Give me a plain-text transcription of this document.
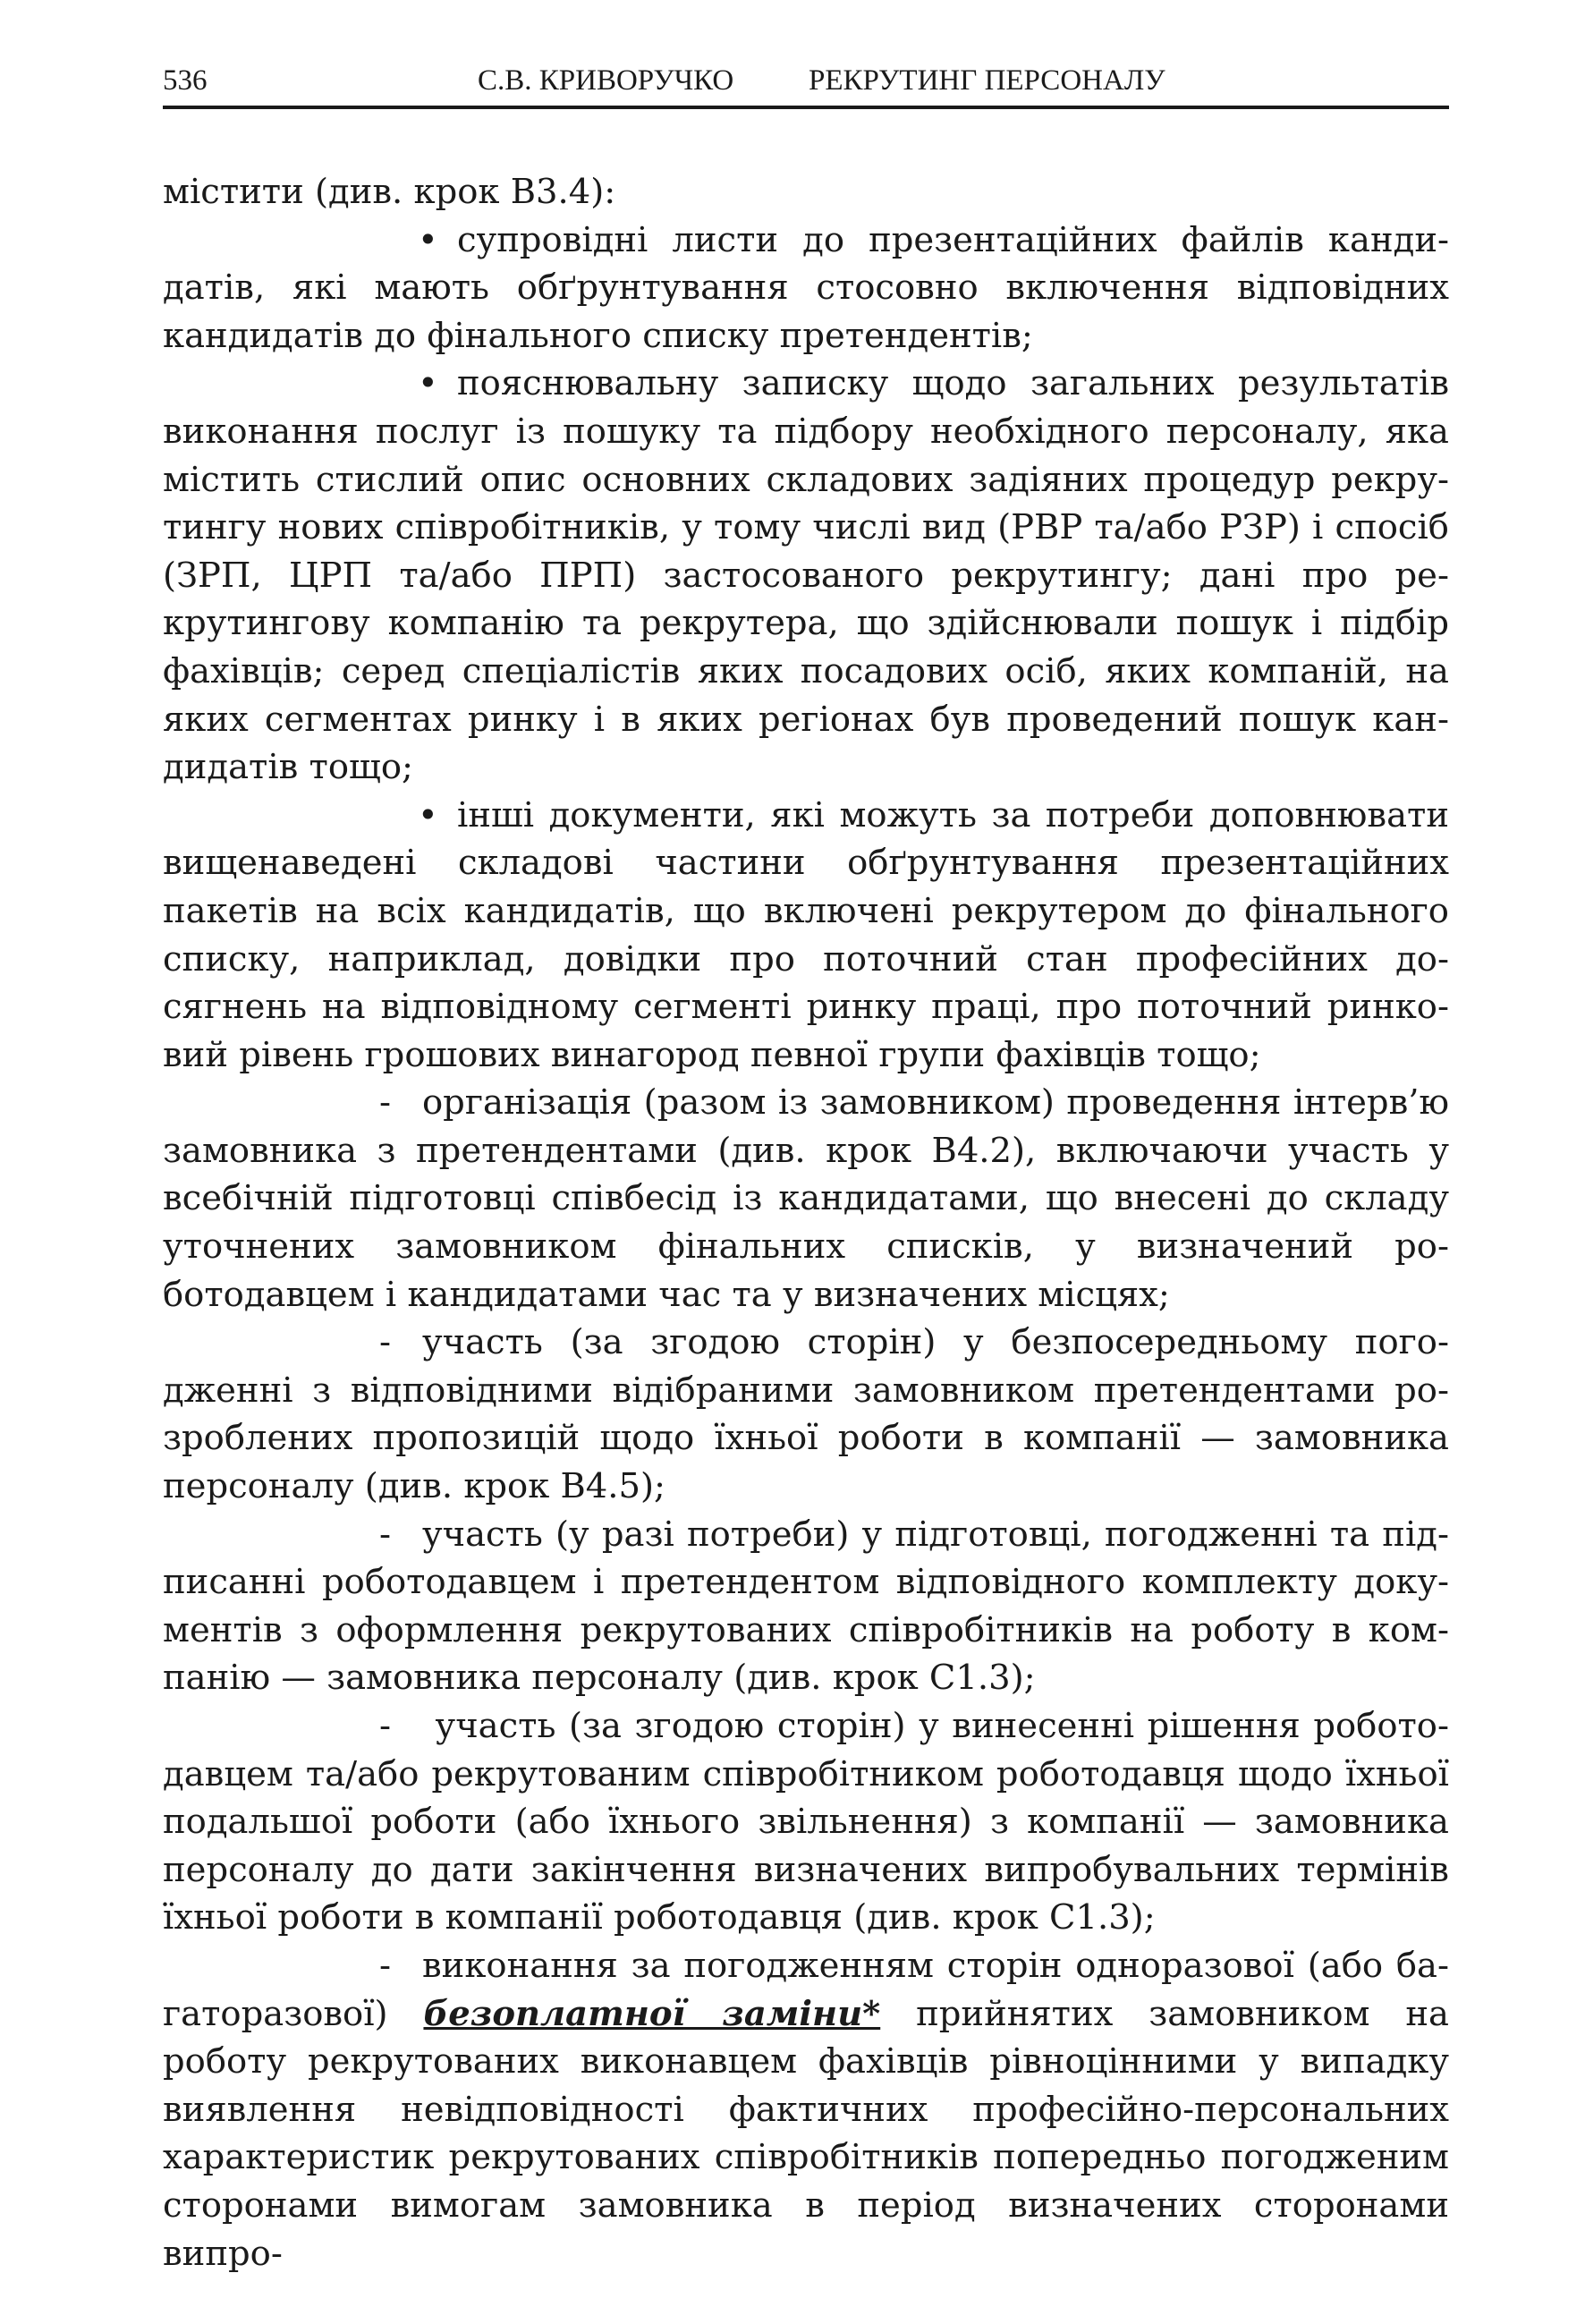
536	С.В. КРИВОРУЧКО	РЕКРУТИНГ ПЕРСОНАЛУ

містити (див. крок В3.4):

• супровідні листи до презентаційних файлів кандидатів, які мають обґрунтування стосовно включення відповідних кандидатів до фінального списку претендентів;

• пояснювальну записку щодо загальних результатів виконання послуг із пошуку та підбору необхідного персоналу, яка містить стислий опис основних складових задіяних процедур рекрутингу нових співробітників, у тому числі вид (РВР та/або РЗР) і спосіб (ЗРП, ЦРП та/або ПРП) застосованого рекрутингу; дані про рекрутингову компанію та рекрутера, що здійснювали пошук і підбір фахівців; серед спеціалістів яких посадових осіб, яких компаній, на яких сегментах ринку і в яких регіонах був проведений пошук кандидатів тощо;

• інші документи, які можуть за потреби доповнювати вищенаведені складові частини обґрунтування презентаційних пакетів на всіх кандидатів, що включені рекрутером до фінального списку, наприклад, довідки про поточний стан професійних досягнень на відповідному сегменті ринку праці, про поточний ринковий рівень грошових винагород певної групи фахівців тощо;

- організація (разом із замовником) проведення інтерв’ю замовника з претендентами (див. крок В4.2), включаючи участь у всебічній підготовці співбесід із кандидатами, що внесені до складу уточнених замовником фінальних списків, у визначений роботодавцем і кандидатами час та у визначених місцях;

- участь (за згодою сторін) у безпосередньому погодженні з відповідними відібраними замовником претендентами розроблених пропозицій щодо їхньої роботи в компанії — замовника персоналу (див. крок В4.5);

- участь (у разі потреби) у підготовці, погодженні та підписанні роботодавцем і претендентом відповідного комплекту документів з оформлення рекрутованих співробітників на роботу в компанію — замовника персоналу (див. крок С1.3);

- участь (за згодою сторін) у винесенні рішення роботодавцем та/або рекрутованим співробітником роботодавця щодо їхньої подальшої роботи (або їхнього звільнення) з компанії — замовника персоналу до дати закінчення визначених випробувальних термінів їхньої роботи в компанії роботодавця (див. крок С1.3);

- виконання за погодженням сторін одноразової (або багаторазової) безоплатної заміни* прийнятих замовником на роботу рекрутованих виконавцем фахівців рівноцінними у випадку виявлення невідповідності фактичних професійно-персональних характеристик рекрутованих співробітників попередньо погодженим сторонами вимогам замовника в період визначених сторонами випро-
